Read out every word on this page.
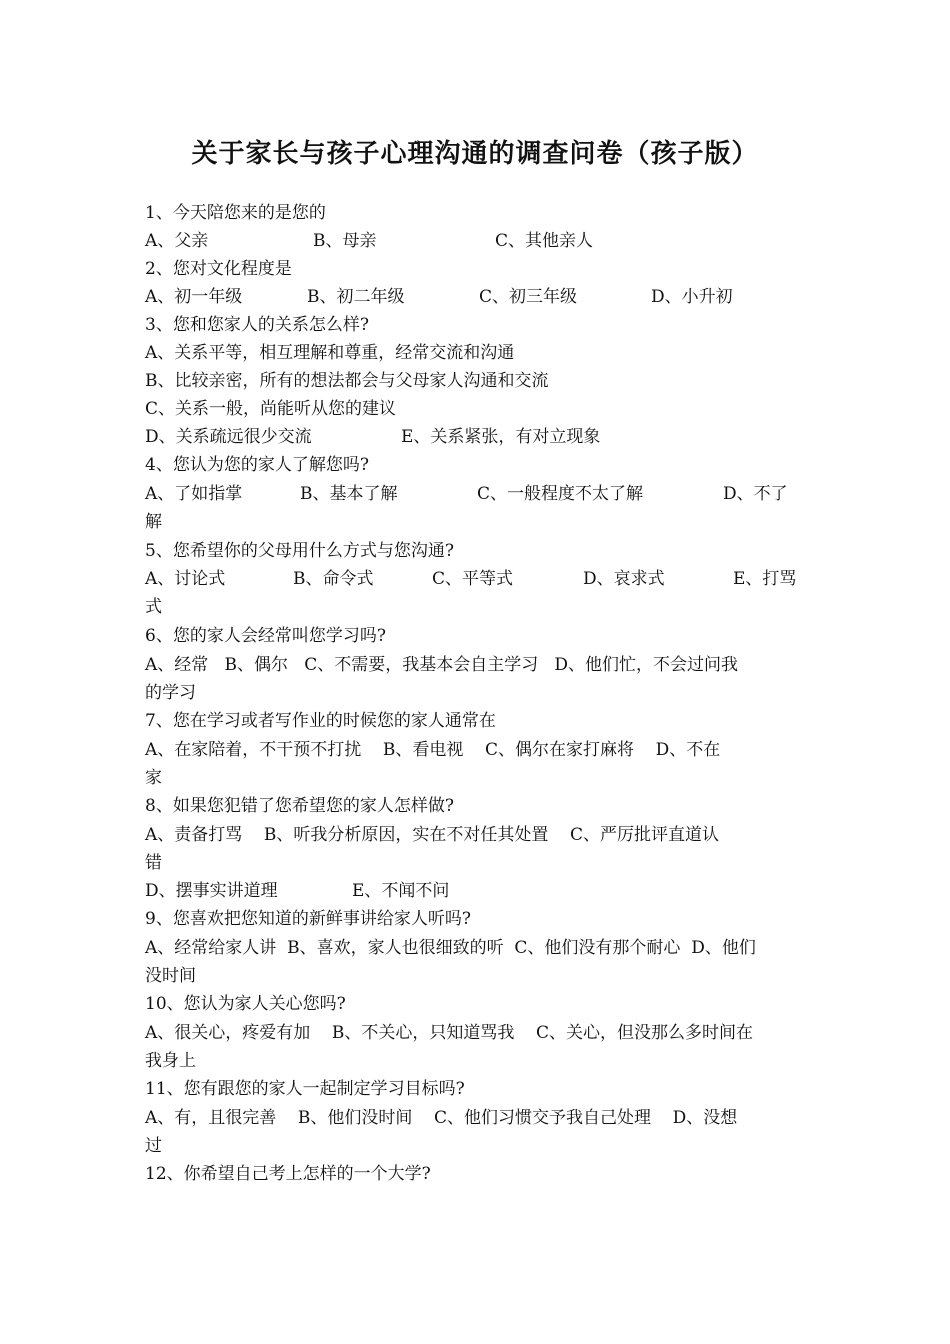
关于家长与孩子心理沟通的调查问卷（孩子版）
1、今天陪您来的是您的

A、父亲

	B、母亲

	C、其他亲人

2、您对文化程度是

A、初一年级

	B、初二年级

	C、初三年级

	D、小升初

3、您和您家人的关系怎么样?
A、关系平等，相互理解和尊重，经常交流和沟通
B、比较亲密，所有的想法都会与父母家人沟通和交流
C、关系一般，尚能听从您的建议

D、关系疏远很少交流

	E、关系紧张，有对立现象

4、您认为您的家人了解您吗?

A、了如指掌

	B、基本了解

	C、一般程度不太了解

	D、不了

解
5、您希望你的父母用什么方式与您沟通?

A、讨论式

	B、命令式

	C、平等式

	D、哀求式

	E、打骂

式
6、您的家人会经常叫您学习吗?
A、经常   B、偶尔   C、不需要，我基本会自主学习   D、他们忙，不会过问我
的学习
7、您在学习或者写作业的时候您的家人通常在
A、在家陪着，不干预不打扰    B、看电视    C、偶尔在家打麻将    D、不在
家
8、如果您犯错了您希望您的家人怎样做?
A、责备打骂    B、听我分析原因，实在不对任其处置    C、严厉批评直道认
错

D、摆事实讲道理

	E、不闻不问

9、您喜欢把您知道的新鲜事讲给家人听吗?
A、经常给家人讲  B、喜欢，家人也很细致的听  C、他们没有那个耐心  D、他们
没时间
10、您认为家人关心您吗?
A、很关心，疼爱有加    B、不关心，只知道骂我    C、关心，但没那么多时间在
我身上
11、您有跟您的家人一起制定学习目标吗?
A、有，且很完善    B、他们没时间    C、他们习惯交予我自己处理    D、没想
过
12、你希望自己考上怎样的一个大学?
